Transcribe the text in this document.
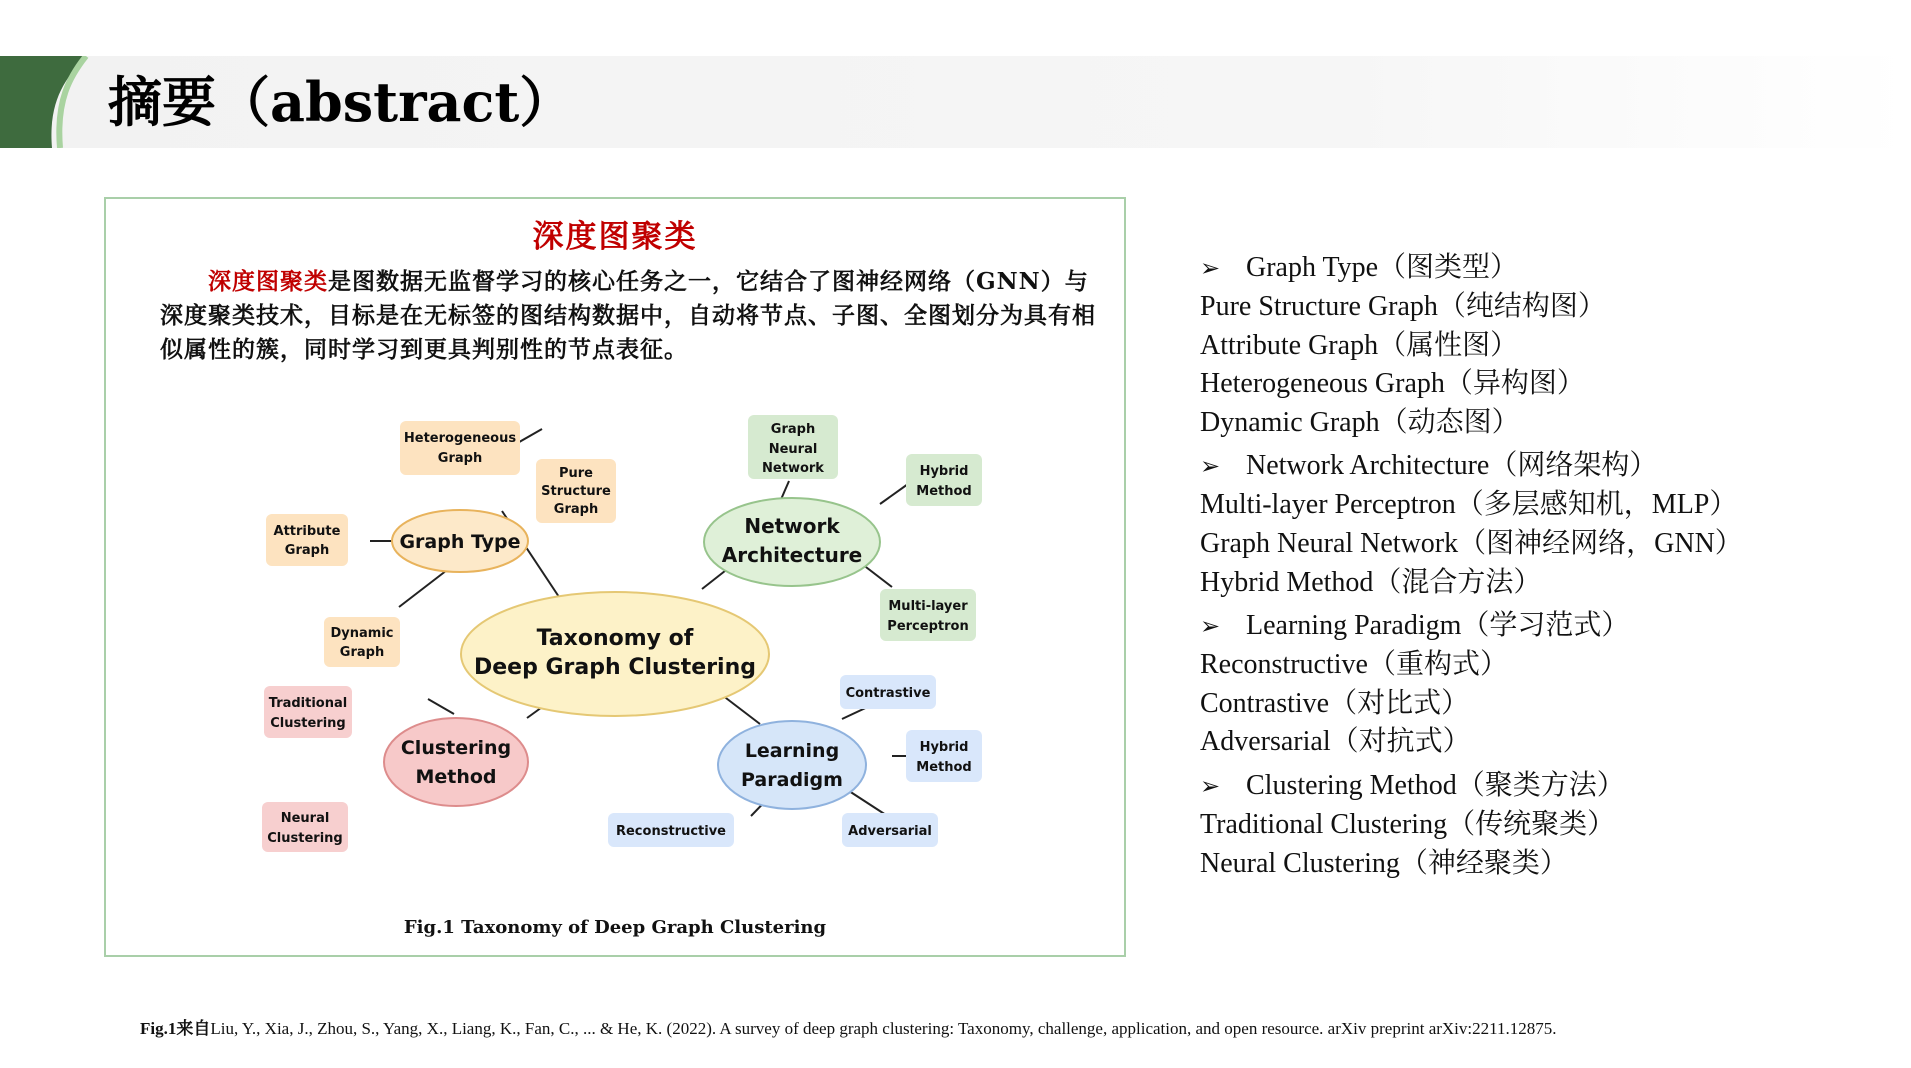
摘要（abstract）
深度图聚类

  深度图聚类是图数据无监督学习的核心任务之一，它结合了图神经网络（GNN）与深度聚类技术，目标是在无标签的图结构数据中，自动将节点、子图、全图划分为具有相似属性的簇，同时学习到更具判别性的节点表征。

Taxonomy of
Deep Graph Clustering
Graph Type
Heterogeneous
Graph
Pure
Structure
Graph
Attribute
Graph
Dynamic
Graph
Network
Architecture
Graph
Neural
Network	Hybrid
Method
Multi-layer
Perceptron
Clustering
Method
Traditional
Clustering
Neural
Clustering
Learning
Paradigm
Contrastive
Hybrid
Method
Reconstructive	Adversarial
Fig.1 Taxonomy of Deep Graph Clustering
➢ Graph Type（图类型）
Pure Structure Graph（纯结构图）
Attribute Graph（属性图）
Heterogeneous Graph（异构图）
Dynamic Graph（动态图）
➢ Network Architecture（网络架构）
Multi-layer Perceptron（多层感知机，MLP）
Graph Neural Network（图神经网络，GNN）
Hybrid Method（混合方法）
➢ Learning Paradigm（学习范式）
Reconstructive（重构式）
Contrastive（对比式）
Adversarial（对抗式）
➢ Clustering Method（聚类方法）
Traditional Clustering（传统聚类）
Neural Clustering（神经聚类）
Fig.1来自Liu, Y., Xia, J., Zhou, S., Yang, X., Liang, K., Fan, C., ... & He, K. (2022). A survey of deep graph clustering: Taxonomy, challenge, application, and open resource. arXiv preprint arXiv:2211.12875.
